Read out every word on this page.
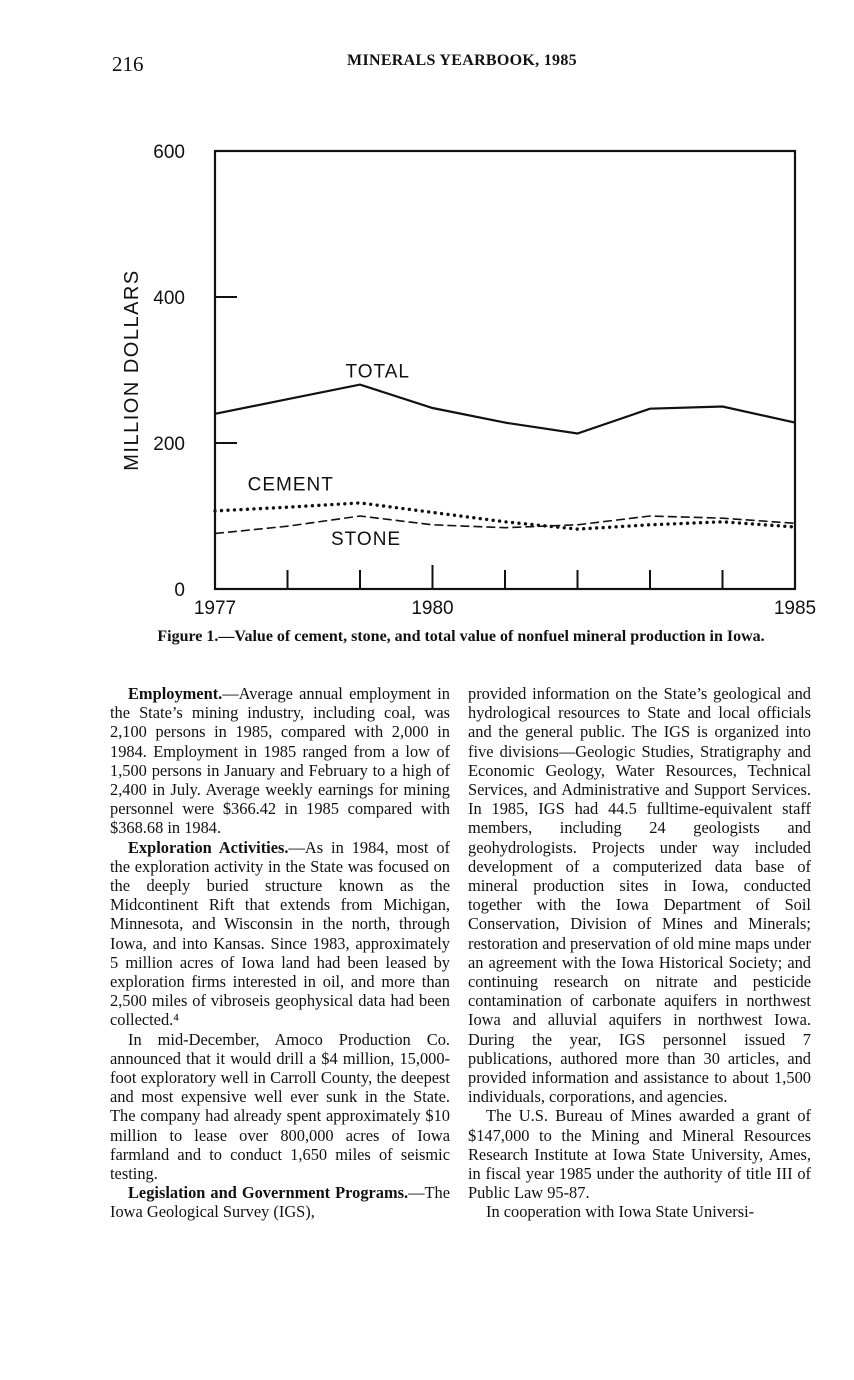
216	MINERALS YEARBOOK, 1985
0
200
400
600
MILLION DOLLARS
1977	1980	1985
TOTAL
CEMENT
STONE
Figure 1.—Value of cement, stone, and total value of nonfuel mineral production in Iowa.

Employment.—Average annual employment in the State’s mining industry, including coal, was 2,100 persons in 1985, compared with 2,000 in 1984. Employment in 1985 ranged from a low of 1,500 persons in January and February to a high of 2,400 in July. Average weekly earnings for mining personnel were $366.42 in 1985 compared with $368.68 in 1984.

Exploration Activities.—As in 1984, most of the exploration activity in the State was focused on the deeply buried structure known as the Midcontinent Rift that extends from Michigan, Minnesota, and Wisconsin in the north, through Iowa, and into Kansas. Since 1983, approximately 5 million acres of Iowa land had been leased by exploration firms interested in oil, and more than 2,500 miles of vibroseis geophysical data had been collected.⁴

In mid-December, Amoco Production Co. announced that it would drill a $4 million, 15,000-foot exploratory well in Carroll County, the deepest and most expensive well ever sunk in the State. The company had already spent approximately $10 million to lease over 800,000 acres of Iowa farmland and to conduct 1,650 miles of seismic testing.

Legislation and Government Programs.—The Iowa Geological Survey (IGS),

provided information on the State’s geological and hydrological resources to State and local officials and the general public. The IGS is organized into five divisions—Geologic Studies, Stratigraphy and Economic Geology, Water Resources, Technical Services, and Administrative and Support Services. In 1985, IGS had 44.5 fulltime-equivalent staff members, including 24 geologists and geohydrologists. Projects under way included development of a computerized data base of mineral production sites in Iowa, conducted together with the Iowa Department of Soil Conservation, Division of Mines and Minerals; restoration and preservation of old mine maps under an agreement with the Iowa Historical Society; and continuing research on nitrate and pesticide contamination of carbonate aquifers in northwest Iowa and alluvial aquifers in northwest Iowa. During the year, IGS personnel issued 7 publications, authored more than 30 articles, and provided information and assistance to about 1,500 individuals, corporations, and agencies.

The U.S. Bureau of Mines awarded a grant of $147,000 to the Mining and Mineral Resources Research Institute at Iowa State University, Ames, in fiscal year 1985 under the authority of title III of Public Law 95-87.

In cooperation with Iowa State Universi-
